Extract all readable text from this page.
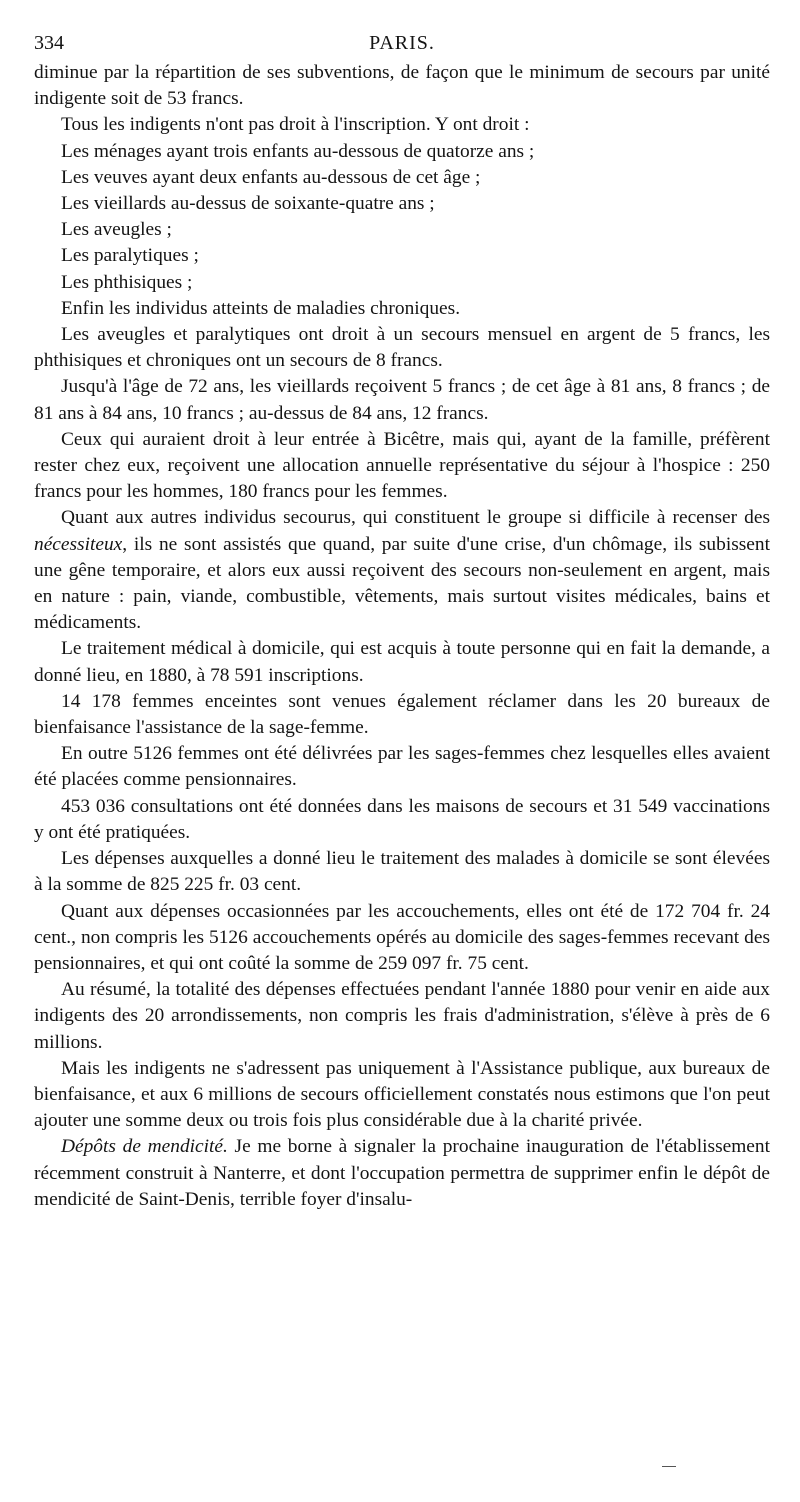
334	PARIS.

diminue par la répartition de ses subventions, de façon que le minimum de secours par unité indigente soit de 53 francs.

Tous les indigents n'ont pas droit à l'inscription. Y ont droit :

Les ménages ayant trois enfants au-dessous de quatorze ans ;

Les veuves ayant deux enfants au-dessous de cet âge ;

Les vieillards au-dessus de soixante-quatre ans ;

Les aveugles ;

Les paralytiques ;

Les phthisiques ;

Enfin les individus atteints de maladies chroniques.

Les aveugles et paralytiques ont droit à un secours mensuel en argent de 5 francs, les phthisiques et chroniques ont un secours de 8 francs.

Jusqu'à l'âge de 72 ans, les vieillards reçoivent 5 francs ; de cet âge à 81 ans, 8 francs ; de 81 ans à 84 ans, 10 francs ; au-dessus de 84 ans, 12 francs.

Ceux qui auraient droit à leur entrée à Bicêtre, mais qui, ayant de la famille, préfèrent rester chez eux, reçoivent une allocation annuelle représentative du séjour à l'hospice : 250 francs pour les hommes, 180 francs pour les femmes.

Quant aux autres individus secourus, qui constituent le groupe si difficile à recenser des nécessiteux, ils ne sont assistés que quand, par suite d'une crise, d'un chômage, ils subissent une gêne temporaire, et alors eux aussi reçoivent des secours non-seulement en argent, mais en nature : pain, viande, combustible, vêtements, mais surtout visites médicales, bains et médicaments.

Le traitement médical à domicile, qui est acquis à toute personne qui en fait la demande, a donné lieu, en 1880, à 78 591 inscriptions.

14 178 femmes enceintes sont venues également réclamer dans les 20 bureaux de bienfaisance l'assistance de la sage-femme.

En outre 5126 femmes ont été délivrées par les sages-femmes chez lesquelles elles avaient été placées comme pensionnaires.

453 036 consultations ont été données dans les maisons de secours et 31 549 vaccinations y ont été pratiquées.

Les dépenses auxquelles a donné lieu le traitement des malades à domicile se sont élevées à la somme de 825 225 fr. 03 cent.

Quant aux dépenses occasionnées par les accouchements, elles ont été de 172 704 fr. 24 cent., non compris les 5126 accouchements opérés au domicile des sages-femmes recevant des pensionnaires, et qui ont coûté la somme de 259 097 fr. 75 cent.

Au résumé, la totalité des dépenses effectuées pendant l'année 1880 pour venir en aide aux indigents des 20 arrondissements, non compris les frais d'administration, s'élève à près de 6 millions.

Mais les indigents ne s'adressent pas uniquement à l'Assistance publique, aux bureaux de bienfaisance, et aux 6 millions de secours officiellement constatés nous estimons que l'on peut ajouter une somme deux ou trois fois plus considérable due à la charité privée.

Dépôts de mendicité. Je me borne à signaler la prochaine inauguration de l'établissement récemment construit à Nanterre, et dont l'occupation permettra de supprimer enfin le dépôt de mendicité de Saint-Denis, terrible foyer d'insalu-
